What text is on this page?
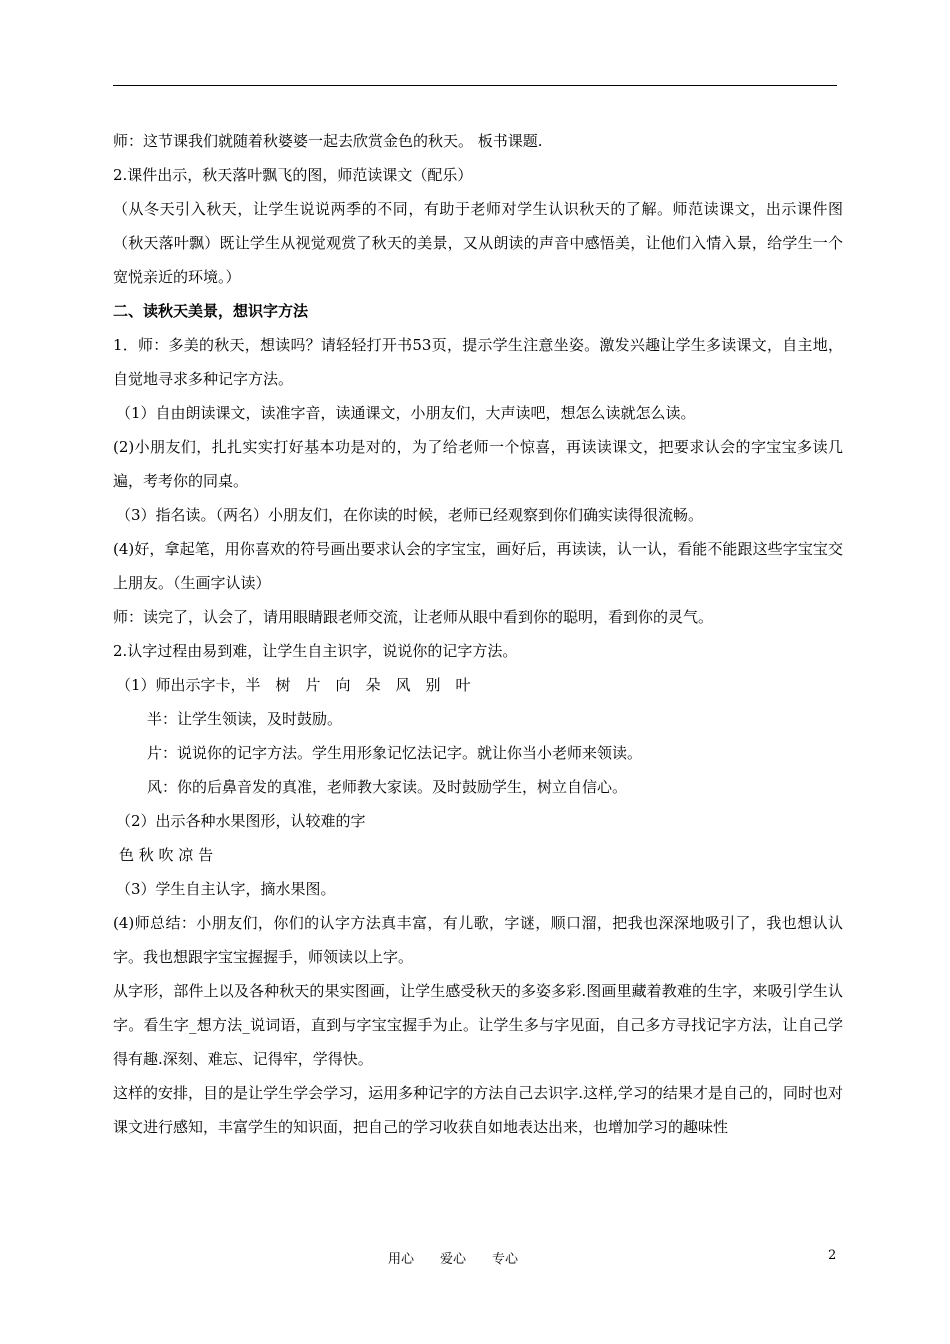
师：这节课我们就随着秋婆婆一起去欣赏金色的秋天。 板书课题.

2.课件出示，秋天落叶飘飞的图，师范读课文（配乐）

（从冬天引入秋天，让学生说说两季的不同，有助于老师对学生认识秋天的了解。师范读课文，出示课件图（秋天落叶飘）既让学生从视觉观赏了秋天的美景，又从朗读的声音中感悟美，让他们入情入景，给学生一个宽悦亲近的环境。）

二、读秋天美景，想识字方法

1．师：多美的秋天，想读吗？请轻轻打开书53页，提示学生注意坐姿。激发兴趣让学生多读课文，自主地，自觉地寻求多种记字方法。

（1）自由朗读课文，读准字音，读通课文，小朋友们，大声读吧，想怎么读就怎么读。

(2)小朋友们，扎扎实实打好基本功是对的，为了给老师一个惊喜，再读读课文，把要求认会的字宝宝多读几遍，考考你的同桌。

（3）指名读。（两名）小朋友们，在你读的时候，老师已经观察到你们确实读得很流畅。

(4)好，拿起笔，用你喜欢的符号画出要求认会的字宝宝，画好后，再读读，认一认，看能不能跟这些字宝宝交上朋友。（生画字认读）

师：读完了，认会了，请用眼睛跟老师交流，让老师从眼中看到你的聪明，看到你的灵气。

2.认字过程由易到难，让学生自主识字，说说你的记字方法。

（1）师出示字卡，半　树　片　向　朵　风　别　叶

半：让学生领读，及时鼓励。

片：说说你的记字方法。学生用形象记忆法记字。就让你当小老师来领读。

风：你的后鼻音发的真准，老师教大家读。及时鼓励学生，树立自信心。

（2）出示各种水果图形，认较难的字

色 秋 吹 凉 告

（3）学生自主认字，摘水果图。

(4)师总结：小朋友们，你们的认字方法真丰富，有儿歌，字谜，顺口溜，把我也深深地吸引了，我也想认认字。我也想跟字宝宝握握手，师领读以上字。

从字形，部件上以及各种秋天的果实图画，让学生感受秋天的多姿多彩.图画里藏着教难的生字，来吸引学生认字。看生字_想方法_说词语，直到与字宝宝握手为止。让学生多与字见面，自己多方寻找记字方法，让自己学得有趣.深刻、难忘、记得牢，学得快。

这样的安排，目的是让学生学会学习，运用多种记字的方法自己去识字.这样,学习的结果才是自己的，同时也对课文进行感知，丰富学生的知识面，把自己的学习收获自如地表达出来，也增加学习的趣味性

用心　　爱心　　专心	2
